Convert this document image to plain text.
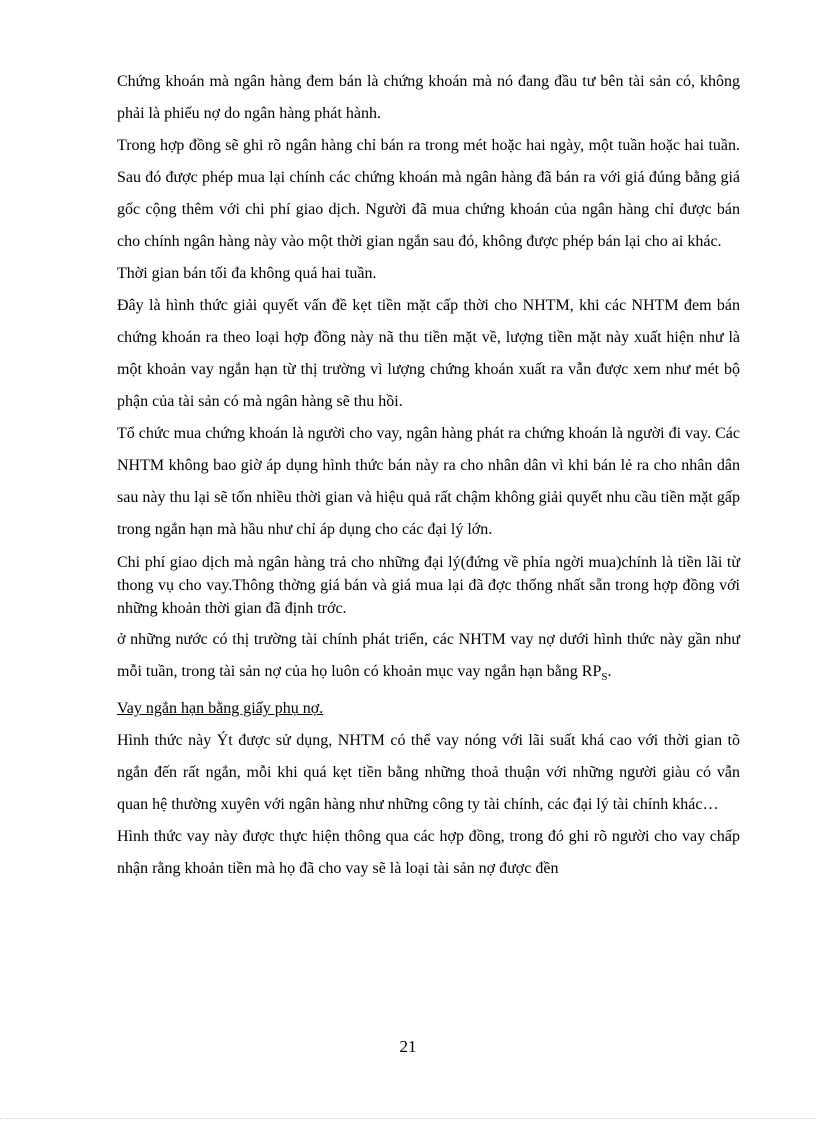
Chứng khoán mà ngân hàng đem bán là chứng khoán mà nó đang đầu tư bên tài sản có, không phải là phiếu nợ do ngân hàng phát hành.

Trong hợp đồng sẽ ghi rõ ngân hàng chỉ bán ra trong mét hoặc hai ngày, một tuần hoặc hai tuần. Sau đó được phép mua lại chính các chứng khoán mà ngân hàng đã bán ra với giá đúng bằng giá gốc cộng thêm với chi phí giao dịch. Người đã mua chứng khoán của ngân hàng chỉ được bán cho chính ngân hàng này vào một thời gian ngắn sau đó, không được phép bán lại cho ai khác.

Thời gian bán tối đa không quá hai tuần.

Đây là hình thức giải quyết vấn đề kẹt tiền mặt cấp thời cho NHTM, khi các NHTM đem bán chứng khoán ra theo loại hợp đồng này nã thu tiền mặt về, lượng tiền mặt này xuất hiện như là một khoản vay ngắn hạn từ thị trường vì lượng chứng khoán xuất ra vẫn được xem như mét bộ phận của tài sản có mà ngân hàng sẽ thu hồi.

Tổ chức mua chứng khoán là người cho vay, ngân hàng phát ra chứng khoán là người đi vay. Các NHTM không bao giờ áp dụng hình thức bán này ra cho nhân dân vì khi bán lẻ ra cho nhân dân sau này thu lại sẽ tốn nhiều thời gian và hiệu quả rất chậm không giải quyết nhu cầu tiền mặt gấp trong ngắn hạn mà hầu như chỉ áp dụng cho các đại lý lớn.

Chi phí giao dịch mà ngân hàng trả cho những đại lý(đứng về phía ngời mua)chính là tiền lãi từ thong vụ cho vay.Thông thờng giá bán và giá mua lại đã đợc thống nhất sẵn trong hợp đồng với những khoản thời gian đã định trớc.

ở những nước có thị trường tài chính phát triển, các NHTM vay nợ dưới hình thức này gần như mỗi tuần, trong tài sản nợ của họ luôn có khoản mục vay ngắn hạn bằng $RP_S$.

Vay ngắn hạn bằng giấy phụ nợ.

Hình thức này Ýt được sử dụng, NHTM có thể vay nóng với lãi suất khá cao với thời gian tõ ngắn đến rất ngắn, mỗi khi quá kẹt tiền bằng những thoả thuận với những người giàu có vẫn quan hệ thường xuyên với ngân hàng như những công ty tài chính, các đại lý tài chính khác…

Hình thức vay này được thực hiện thông qua các hợp đồng, trong đó ghi rõ người cho vay chấp nhận rằng khoản tiền mà họ đã cho vay sẽ là loại tài sản nợ được đền

21
